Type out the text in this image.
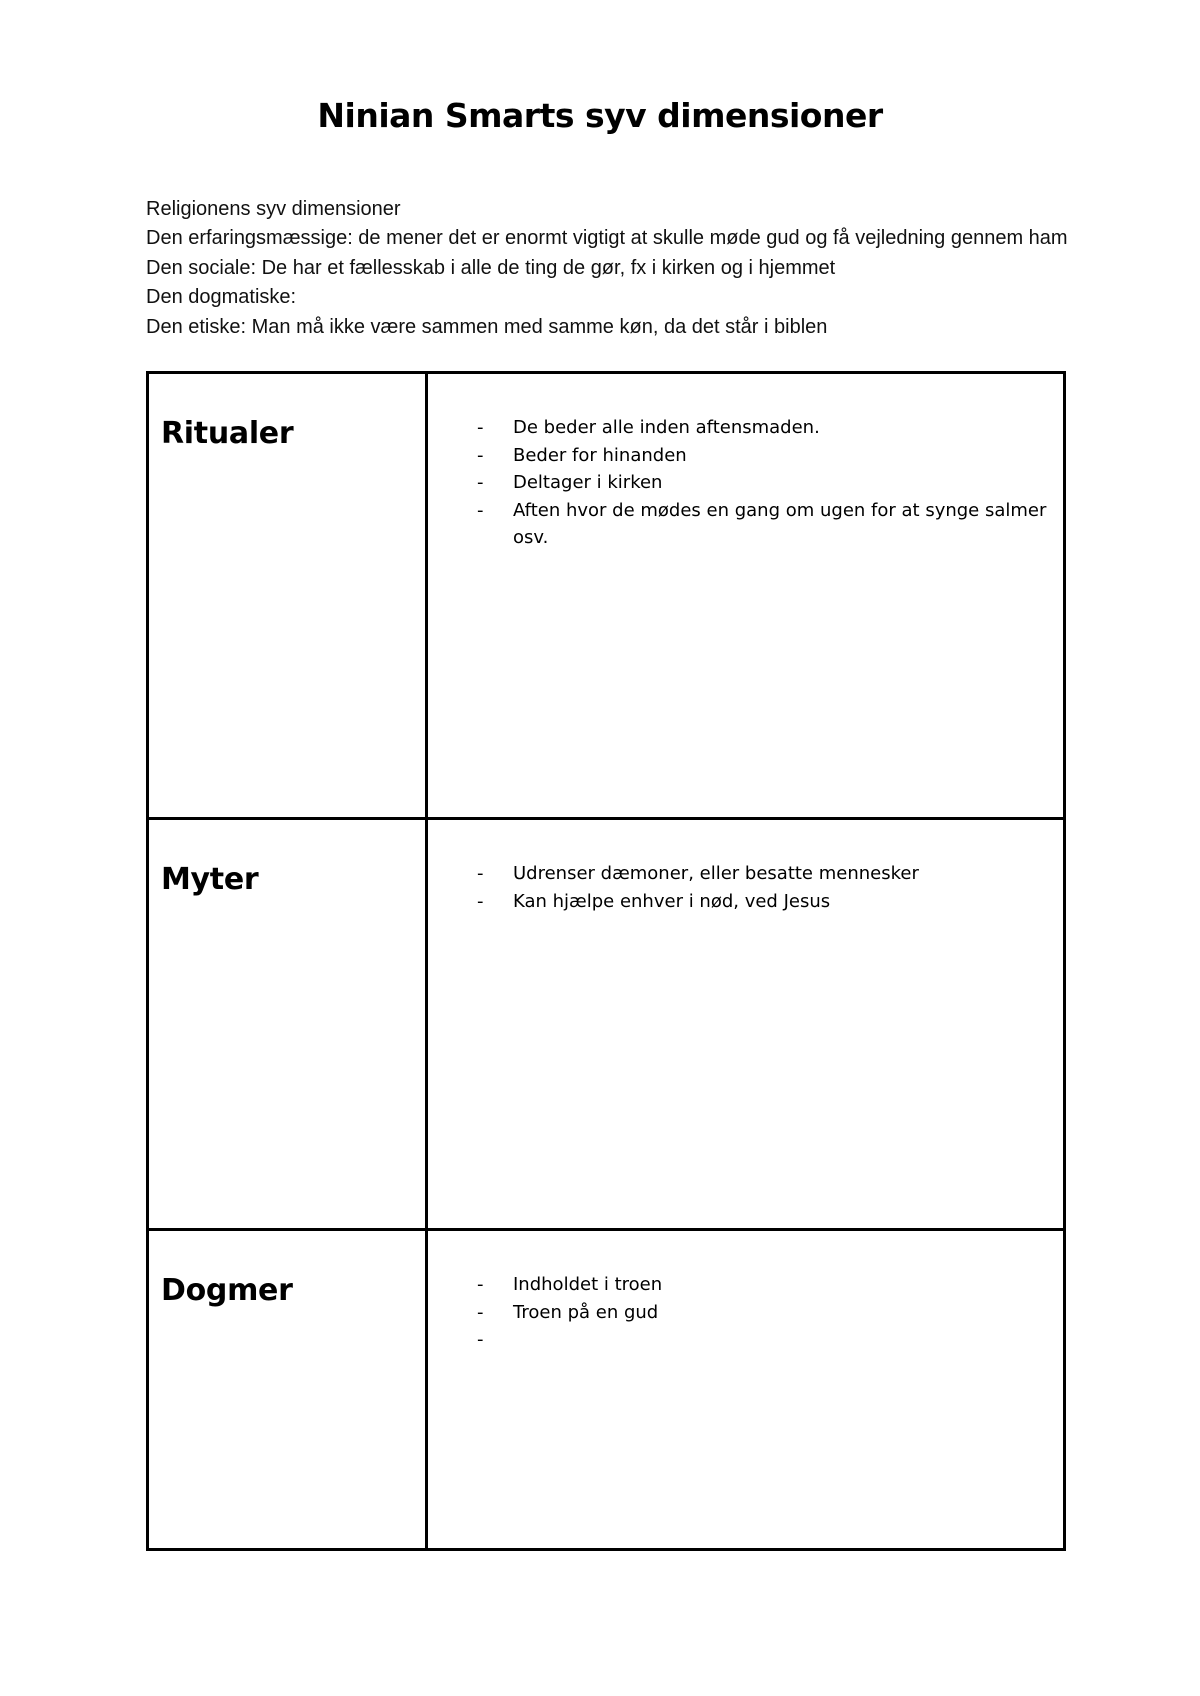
Ninian Smarts syv dimensioner

Religionens syv dimensioner

Den erfaringsmæssige: de mener det er enormt vigtigt at skulle møde gud og få vejledning gennem ham

Den sociale: De har et fællesskab i alle de ting de gør, fx i kirken og i hjemmet

Den dogmatiske:

Den etiske: Man må ikke være sammen med samme køn, da det står i biblen

Ritualer	- De beder alle inden aftensmaden.
- Beder for hinanden
- Deltager i kirken
- Aften hvor de mødes en gang om ugen for at synge salmer osv.
Myter	- Udrenser dæmoner, eller besatte mennesker
- Kan hjælpe enhver i nød, ved Jesus
Dogmer	- Indholdet i troen
- Troen på en gud
-
